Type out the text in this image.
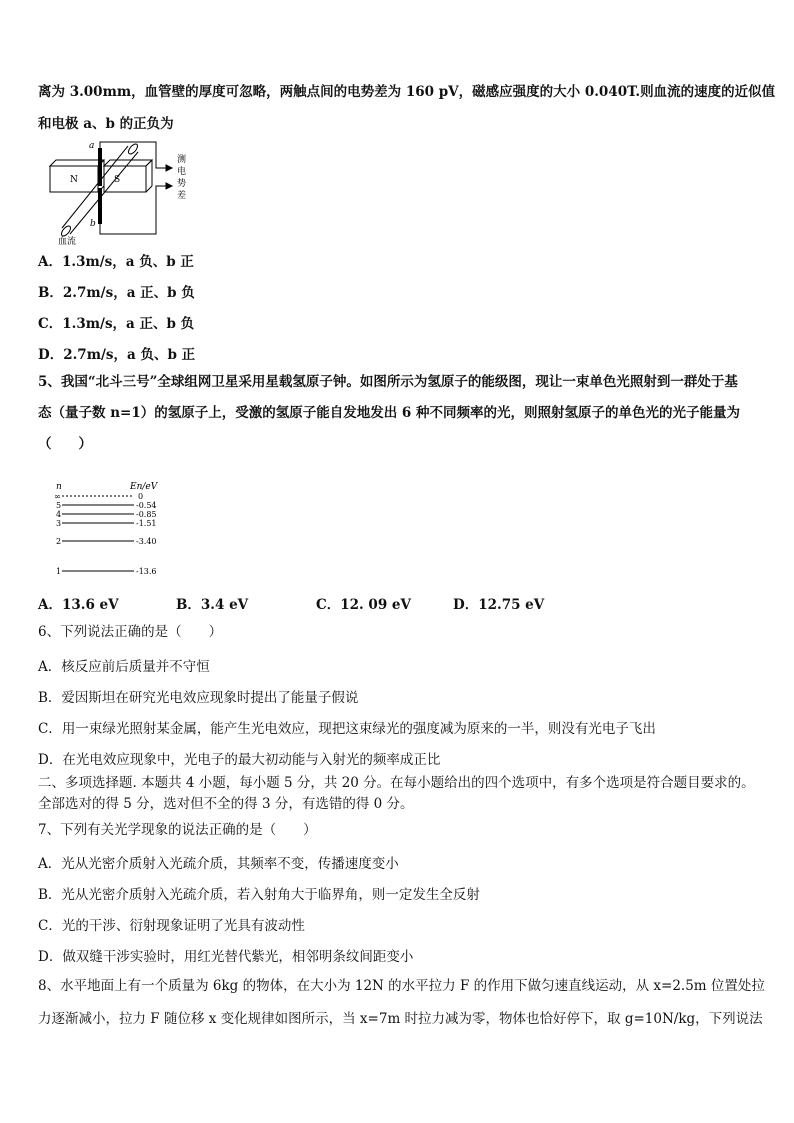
离为 3.00mm，血管壁的厚度可忽略，两触点间的电势差为 160 pV，磁感应强度的大小 0.040T.则血流的速度的近似值
和电极 a、b 的正负为
a
b
N	S
血流
测
电
势
差
A．1.3m/s，a 负、b 正
B．2.7m/s，a 正、b 负
C．1.3m/s，a 正、b 负
D．2.7m/s，a 负、b 正
5、我国“北斗三号”全球组网卫星采用星载氢原子钟。如图所示为氢原子的能级图，现让一束单色光照射到一群处于基
态（量子数 n=1）的氢原子上，受激的氢原子能自发地发出 6 种不同频率的光，则照射氢原子的单色光的光子能量为
（　　）
n	En/eV
∞	0
5	-0.54
4	-0.85
3	-1.51
2	-3.40
1	-13.6
A．13.6 eV	B．3.4 eV	C．12. 09 eV	D．12.75 eV
6、下列说法正确的是（　　）
A．核反应前后质量并不守恒
B．爱因斯坦在研究光电效应现象时提出了能量子假说
C．用一束绿光照射某金属，能产生光电效应，现把这束绿光的强度减为原来的一半，则没有光电子飞出
D．在光电效应现象中，光电子的最大初动能与入射光的频率成正比
二、多项选择题. 本题共 4 小题，每小题 5 分，共 20 分。在每小题给出的四个选项中，有多个选项是符合题目要求的。
全部选对的得 5 分，选对但不全的得 3 分，有选错的得 0 分。
7、下列有关光学现象的说法正确的是（　　）
A．光从光密介质射入光疏介质，其频率不变，传播速度变小
B．光从光密介质射入光疏介质，若入射角大于临界角，则一定发生全反射
C．光的干涉、衍射现象证明了光具有波动性
D．做双缝干涉实验时，用红光替代紫光，相邻明条纹间距变小
8、水平地面上有一个质量为 6kg 的物体，在大小为 12N 的水平拉力 F 的作用下做匀速直线运动，从 x=2.5m 位置处拉
力逐渐减小，拉力 F 随位移 x 变化规律如图所示，当 x=7m 时拉力减为零，物体也恰好停下，取 g=10N/kg，下列说法
